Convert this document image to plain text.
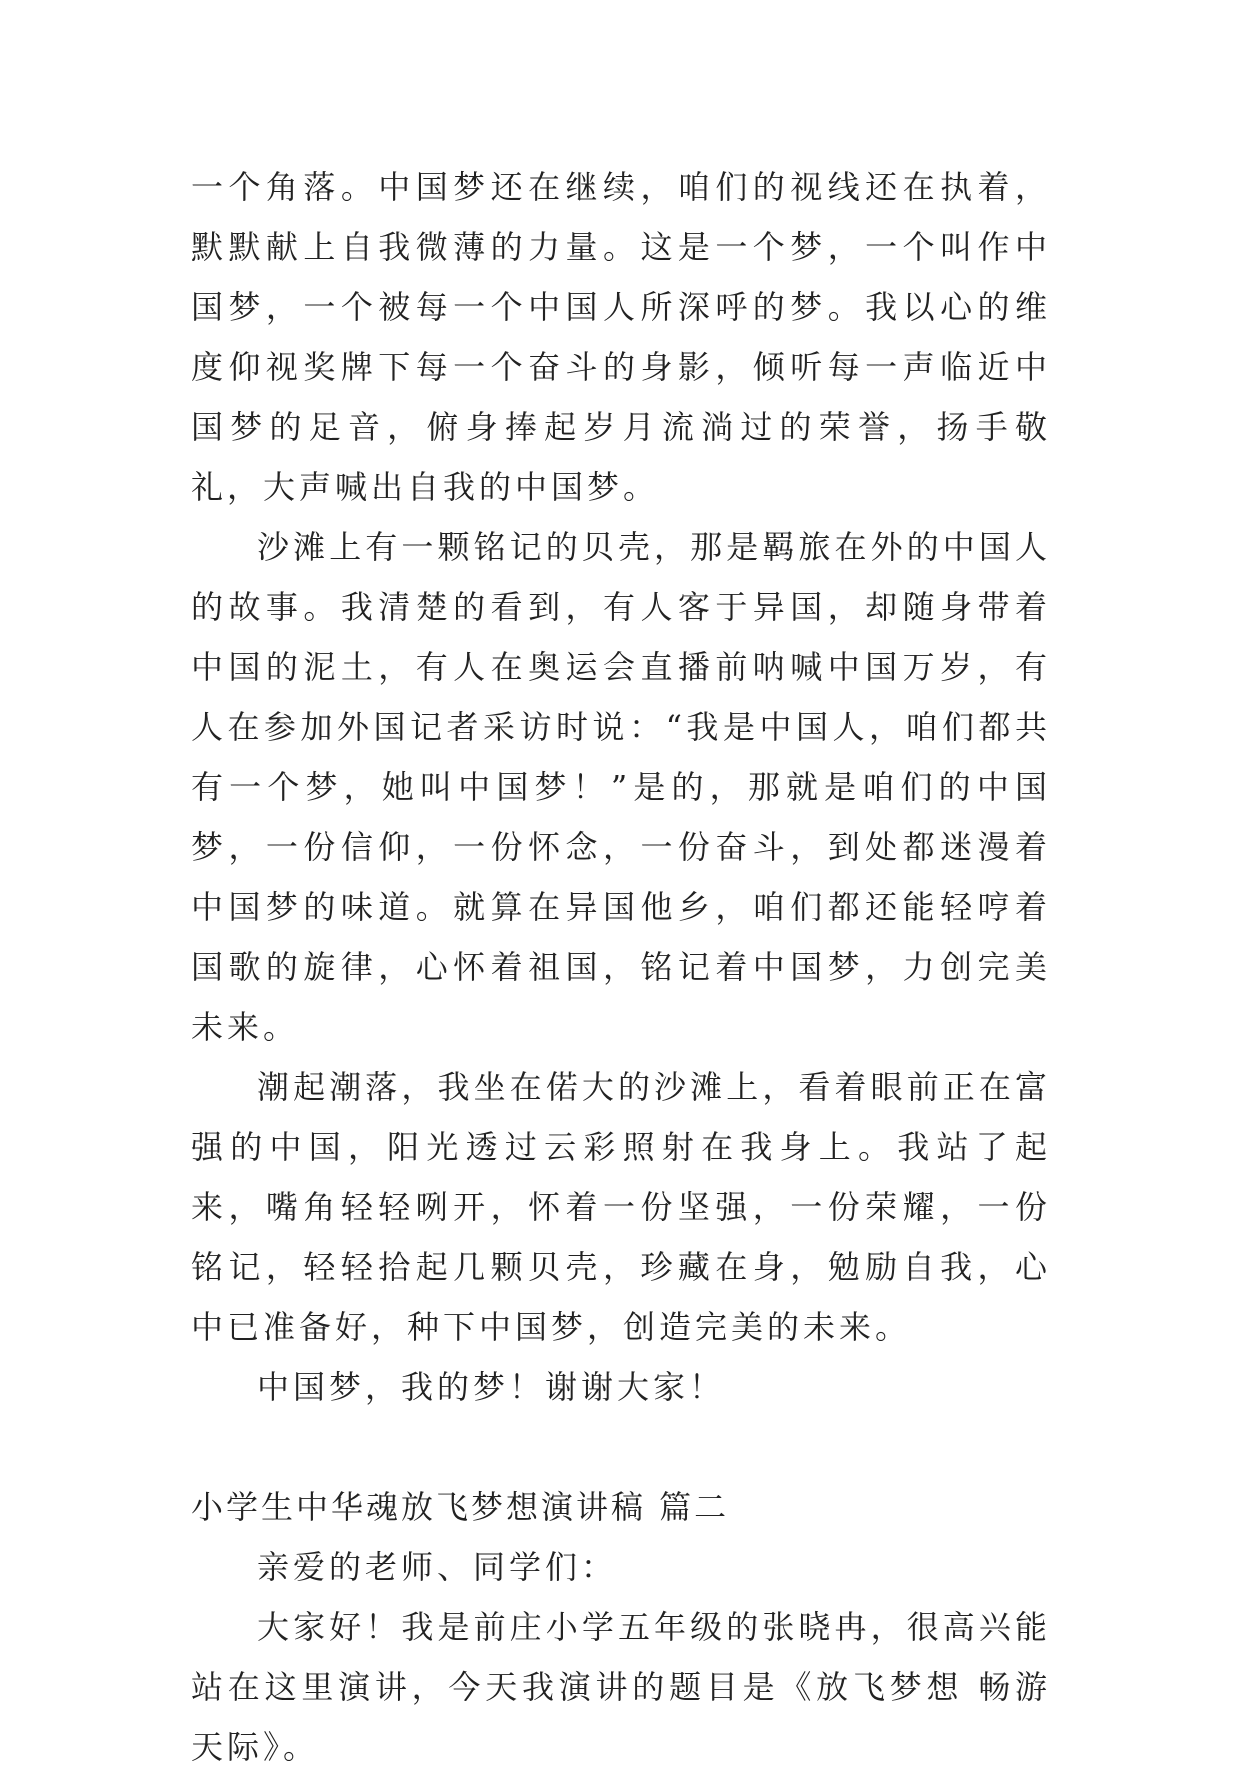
一个角落。中国梦还在继续，咱们的视线还在执着，默默献上自我微薄的力量。这是一个梦，一个叫作中国梦，一个被每一个中国人所深呼的梦。我以心的维度仰视奖牌下每一个奋斗的身影，倾听每一声临近中国梦的足音，俯身捧起岁月流淌过的荣誉，扬手敬礼，大声喊出自我的中国梦。

沙滩上有一颗铭记的贝壳，那是羁旅在外的中国人的故事。我清楚的看到，有人客于异国，却随身带着中国的泥土，有人在奥运会直播前呐喊中国万岁，有人在参加外国记者采访时说：“我是中国人，咱们都共有一个梦，她叫中国梦！”是的，那就是咱们的中国梦，一份信仰，一份怀念，一份奋斗，到处都迷漫着中国梦的味道。就算在异国他乡，咱们都还能轻哼着国歌的旋律，心怀着祖国，铭记着中国梦，力创完美未来。

潮起潮落，我坐在偌大的沙滩上，看着眼前正在富强的中国，阳光透过云彩照射在我身上。我站了起来，嘴角轻轻咧开，怀着一份坚强，一份荣耀，一份铭记，轻轻拾起几颗贝壳，珍藏在身，勉励自我，心中已准备好，种下中国梦，创造完美的未来。

中国梦，我的梦！谢谢大家！

小学生中华魂放飞梦想演讲稿 篇二

亲爱的老师、同学们：

大家好！我是前庄小学五年级的张晓冉，很高兴能站在这里演讲，今天我演讲的题目是《放飞梦想 畅游天际》。
